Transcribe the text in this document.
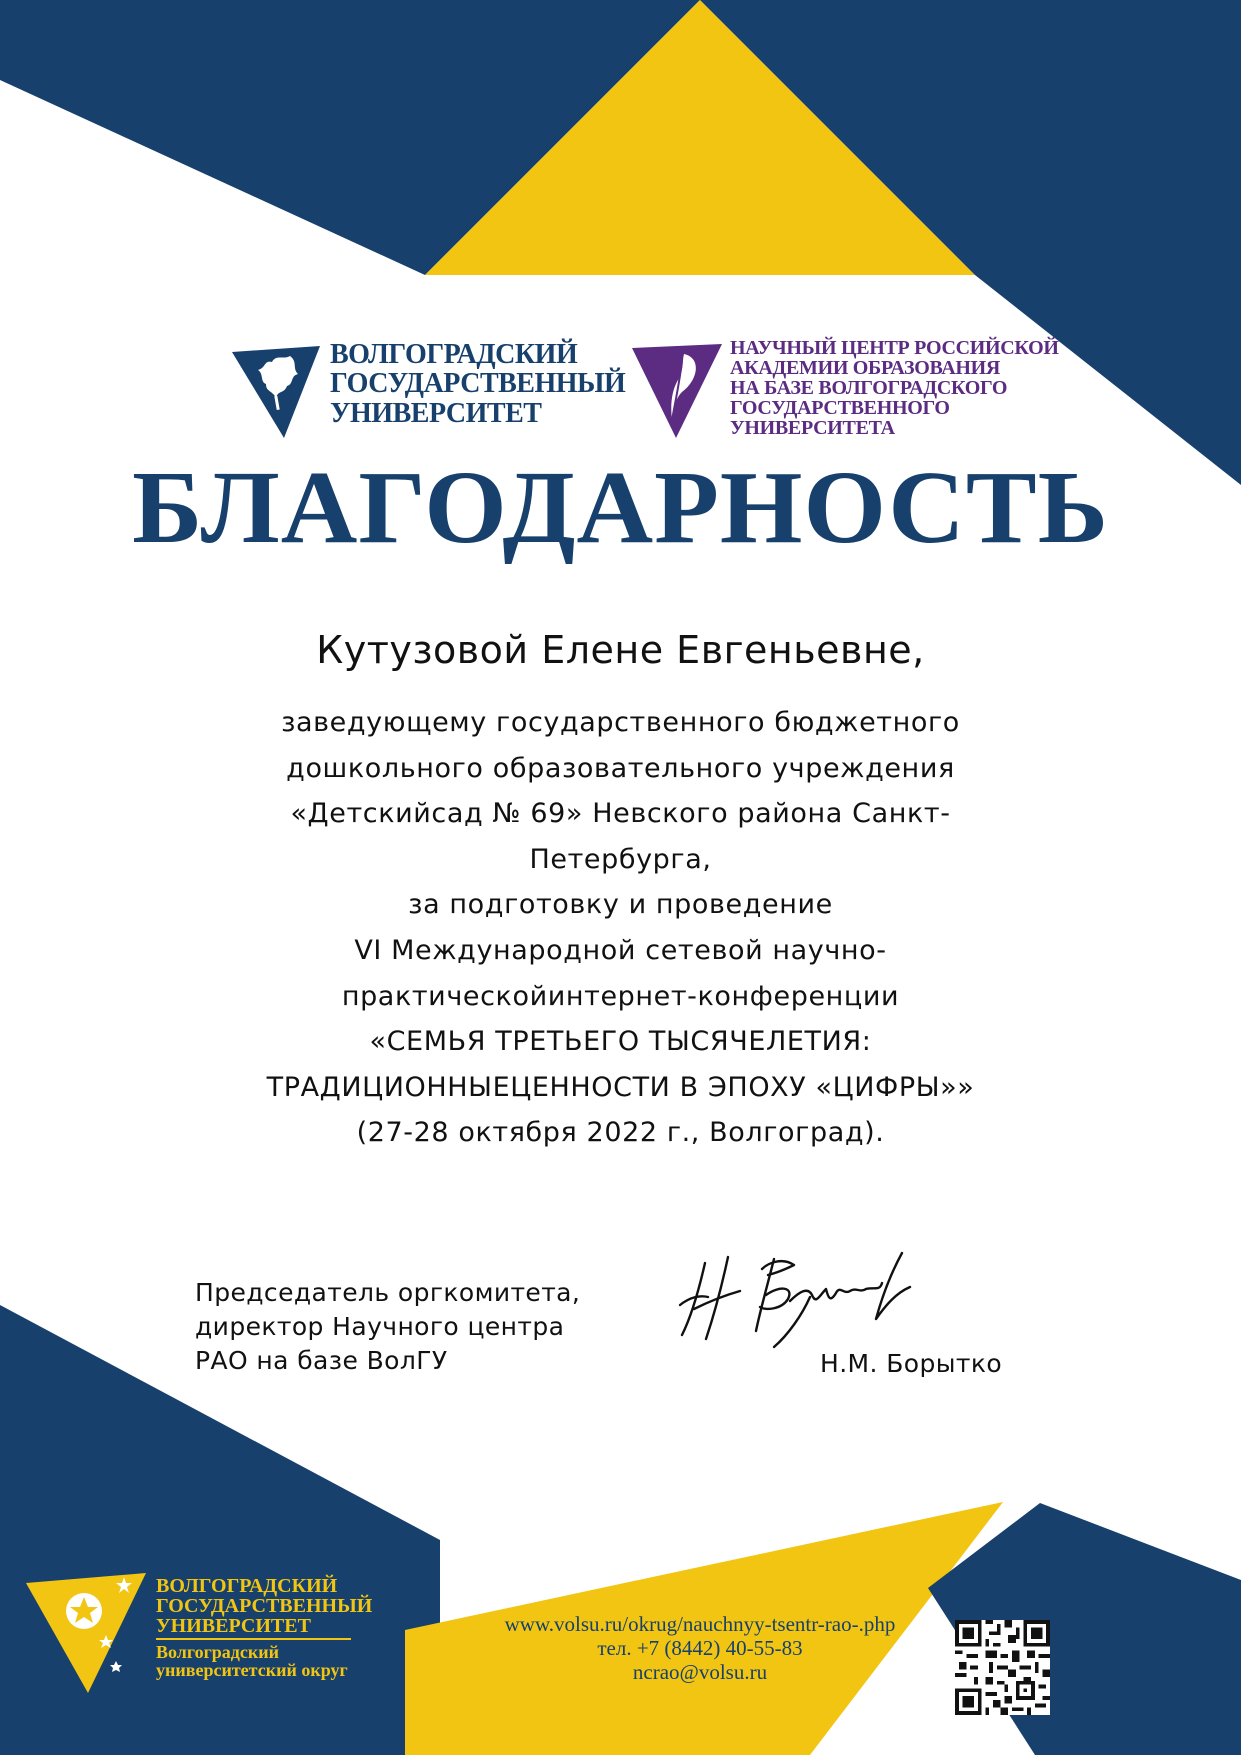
ВОЛГОГРАДСКИЙ
ГОСУДАРСТВЕННЫЙ
УНИВЕРСИТЕТ
НАУЧНЫЙ ЦЕНТР РОССИЙСКОЙ
АКАДЕМИИ ОБРАЗОВАНИЯ
НА БАЗЕ ВОЛГОГРАДСКОГО
ГОСУДАРСТВЕННОГО
УНИВЕРСИТЕТА
БЛАГОДАРНОСТЬ
Кутузовой Елене Евгеньевне,
заведующему государственного бюджетного
дошкольного образовательного учреждения
«Детскийсад № 69» Невского района Санкт-
Петербурга,
за подготовку и проведение
VI Международной сетевой научно-
практическойинтернет-конференции
«СЕМЬЯ ТРЕТЬЕГО ТЫСЯЧЕЛЕТИЯ:
ТРАДИЦИОННЫЕЦЕННОСТИ В ЭПОХУ «ЦИФРЫ»»
(27-28 октября 2022 г., Волгоград).
Председатель оргкомитета,
директор Научного центра
РАО на базе ВолГУ	Н.М. Борытко
ВОЛГОГРАДСКИЙ
ГОСУДАРСТВЕННЫЙ
УНИВЕРСИТЕТ
Волгоградский
университетский округ
www.volsu.ru/okrug/nauchnyy-tsentr-rao-.php
тел. +7 (8442) 40-55-83
ncrao@volsu.ru
